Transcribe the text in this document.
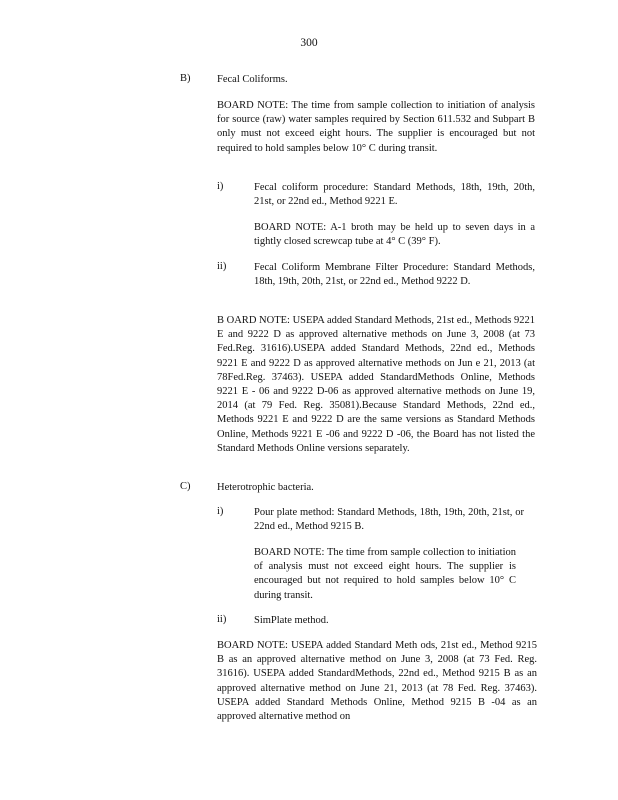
300
B)	Fecal Coliforms.

BOARD NOTE: The time from sample collection to initiation of analysis for source (raw) water samples required by Section 611.532 and Subpart B only must not exceed eight hours. The supplier is encouraged but not required to hold samples below 10° C during transit.

i)	Fecal coliform procedure: Standard Methods, 18th, 19th, 20th, 21st, or 22nd ed., Method 9221 E.
BOARD NOTE: A-1 broth may be held up to seven days in a tightly closed screwcap tube at 4° C (39° F).
ii)	Fecal Coliform Membrane Filter Procedure: Standard Methods, 18th, 19th, 20th, 21st, or 22nd ed., Method 9222 D.
B OARD NOTE: USEPA added Standard Methods, 21st ed., Methods 9221 E and 9222 D as approved alternative methods on June 3, 2008 (at 73 Fed.Reg. 31616).USEPA added Standard Methods, 22nd ed., Methods 9221 E and 9222 D as approved alternative methods on Jun e 21, 2013 (at 78Fed.Reg. 37463). USEPA added StandardMethods Online, Methods 9221 E - 06 and 9222 D-06 as approved alternative methods on June 19, 2014 (at 79 Fed. Reg. 35081).Because Standard Methods, 22nd ed., Methods 9221 E and 9222 D are the same versions as Standard Methods Online, Methods 9221 E -06 and 9222 D -06, the Board has not listed the Standard Methods Online versions separately.
C)	Heterotrophic bacteria.
i)	Pour plate method: Standard Methods, 18th, 19th, 20th, 21st, or 22nd ed., Method 9215 B.
BOARD NOTE: The time from sample collection to initiation of analysis must not exceed eight hours. The supplier is encouraged but not required to hold samples below 10° C during transit.
ii)	SimPlate method.
BOARD NOTE: USEPA added Standard Meth ods, 21st ed., Method 9215 B as an approved alternative method on June 3, 2008 (at 73 Fed. Reg. 31616). USEPA added StandardMethods, 22nd ed., Method 9215 B as an approved alternative method on June 21, 2013 (at 78 Fed. Reg. 37463). USEPA added Standard Methods Online, Method 9215 B -04 as an approved alternative method on
